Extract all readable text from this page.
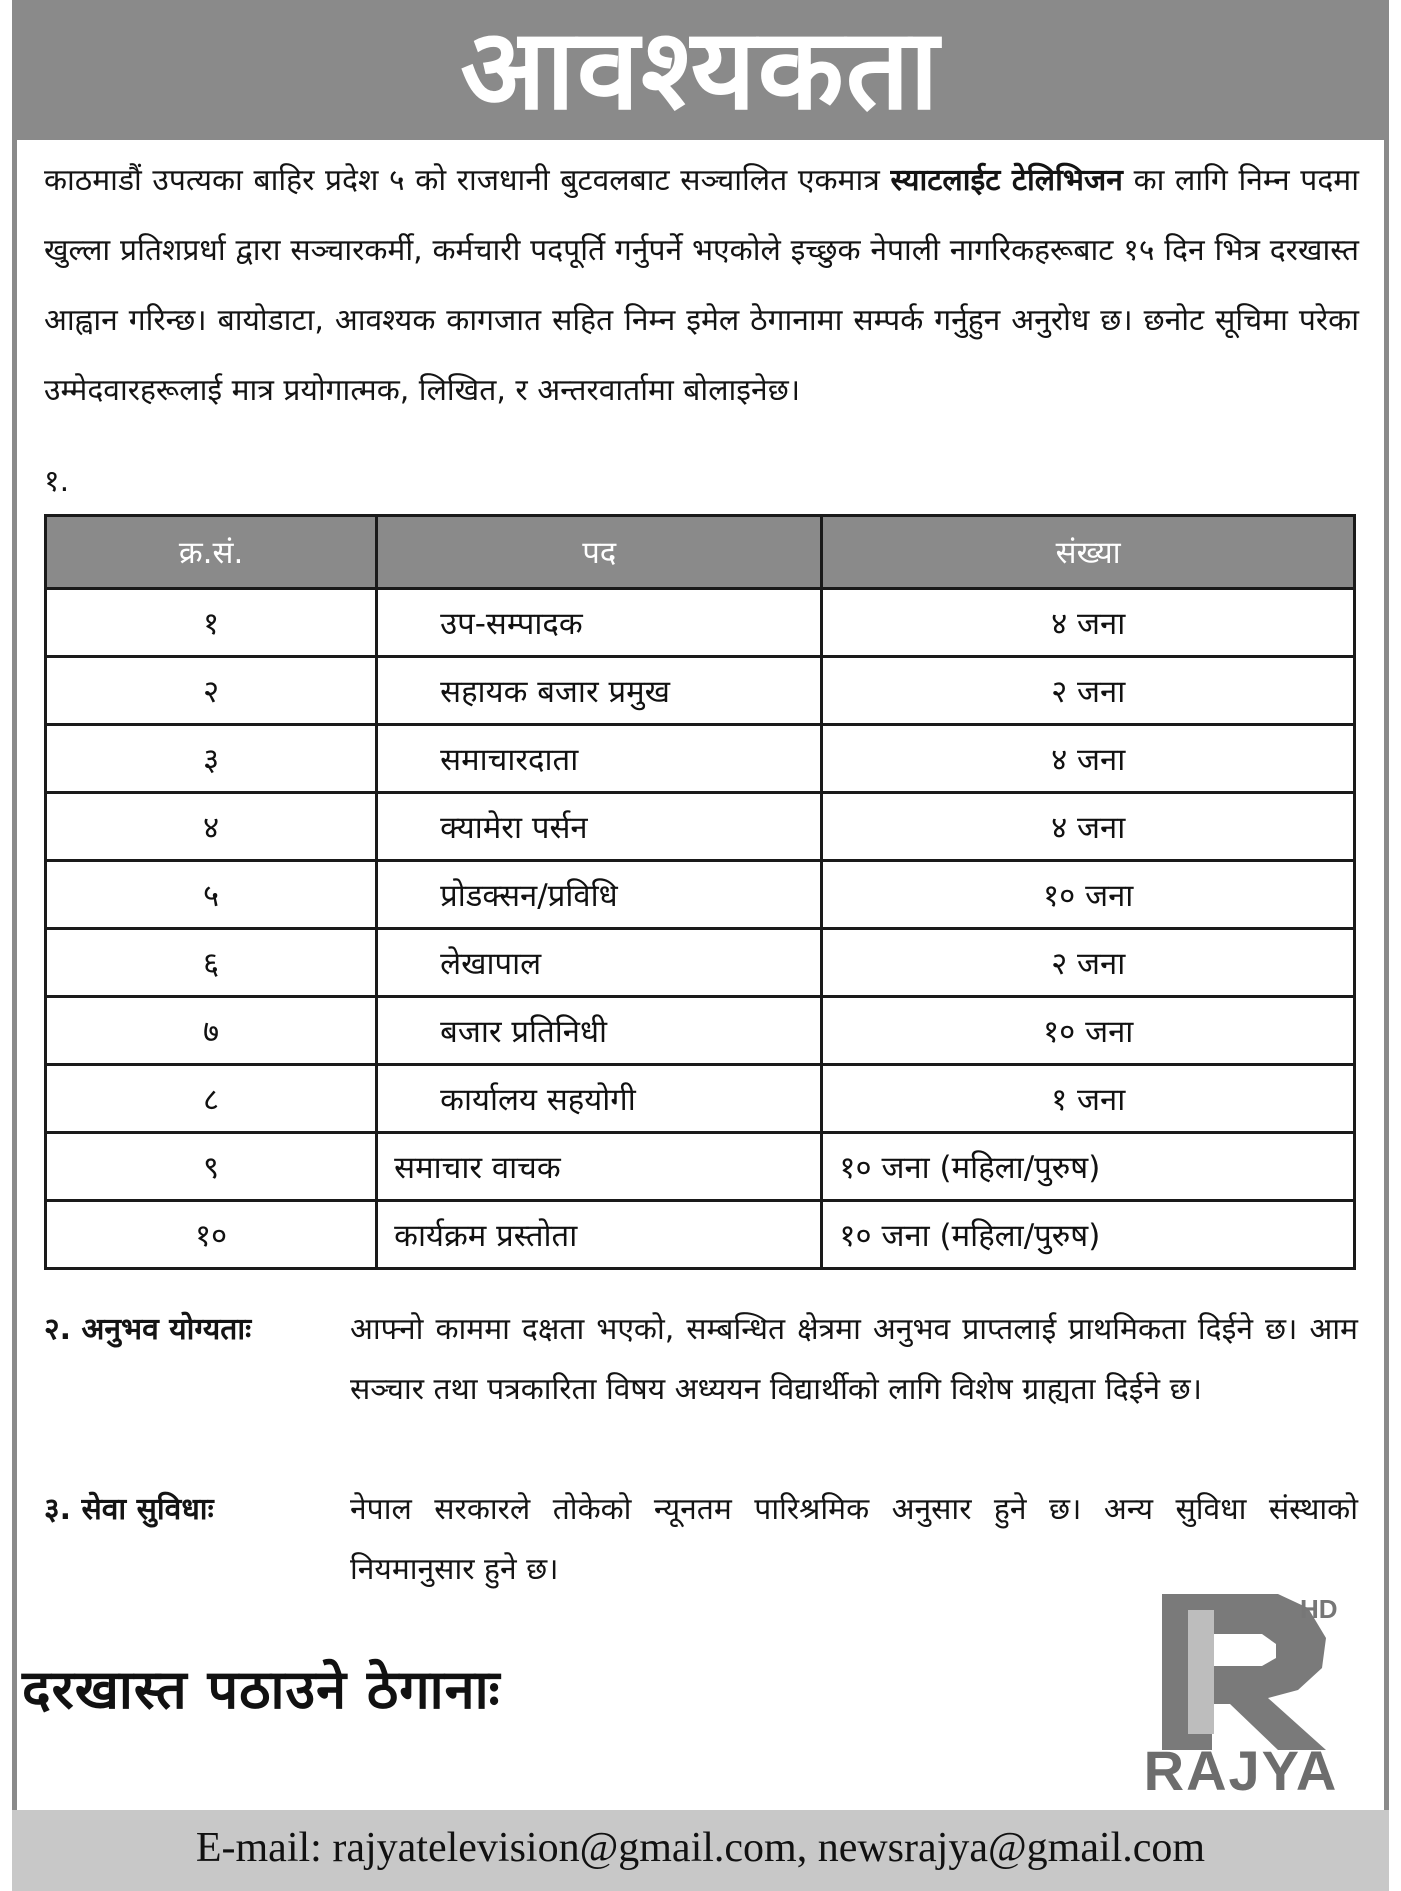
आवश्यकता
काठमाडौं उपत्यका बाहिर प्रदेश ५ को राजधानी बुटवलबाट सञ्चालित एकमात्र स्याटलाईट टेलिभिजन का लागि निम्न पदमा खुल्ला प्रतिशप्रर्धा द्वारा सञ्चारकर्मी, कर्मचारी पदपूर्ति गर्नुपर्ने भएकोले इच्छुक नेपाली नागरिकहरूबाट १५ दिन भित्र दरखास्त आह्वान गरिन्छ। बायोडाटा, आवश्यक कागजात सहित निम्न इमेल ठेगानामा सम्पर्क गर्नुहुन अनुरोध छ। छनोट सूचिमा परेका उम्मेदवारहरूलाई मात्र प्रयोगात्मक, लिखित, र अन्तरवार्तामा बोलाइनेछ।
१.
क्र.सं.	पद	संख्या
१	उप-सम्पादक	४ जना
२	सहायक बजार प्रमुख	२ जना
३	समाचारदाता	४ जना
४	क्यामेरा पर्सन	४ जना
५	प्रोडक्सन/प्रविधि	१० जना
६	लेखापाल	२ जना
७	बजार प्रतिनिधी	१० जना
८	कार्यालय सहयोगी	१ जना
९	समाचार वाचक	१० जना (महिला/पुरुष)
१०	कार्यक्रम प्रस्तोता	१० जना (महिला/पुरुष)
२. अनुभव योग्यताः	आफ्नो काममा दक्षता भएको, सम्बन्धित क्षेत्रमा अनुभव प्राप्तलाई प्राथमिकता दिईने छ। आम सञ्चार तथा पत्रकारिता विषय अध्ययन विद्यार्थीको लागि विशेष ग्राह्यता दिईने छ।
३. सेवा सुविधाः	नेपाल सरकारले तोकेको न्यूनतम पारिश्रमिक अनुसार हुने छ। अन्य सुविधा संस्थाको नियमानुसार हुने छ।
दरखास्त पठाउने ठेगानाः
HD
RAJYA
E-mail: rajyatelevision@gmail.com, newsrajya@gmail.com
